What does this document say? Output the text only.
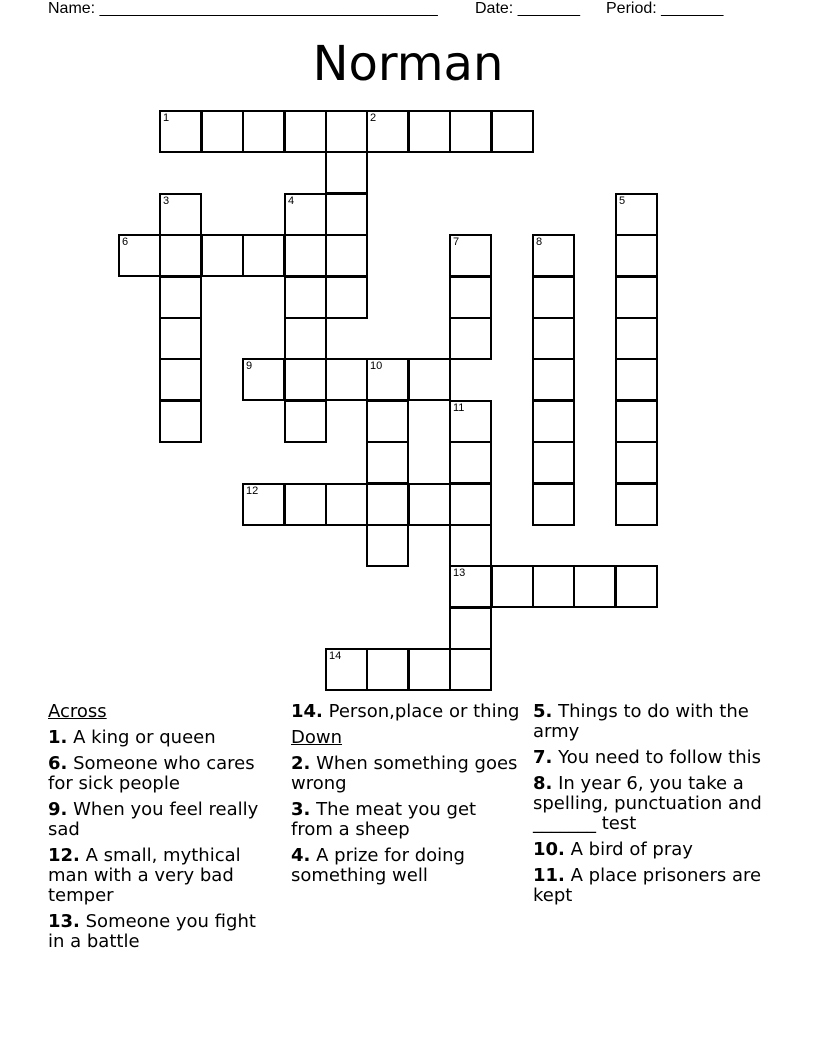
Name: ______________________________________

Date: _______

Period: _______

Norman
1	2
6
3	4	5
7	8
9	10
11
13
12
14
Across
1. A king or queen
6. Someone who cares for sick people
9. When you feel really sad
12. A small, mythical man with a very bad temper
13. Someone you fight in a battle
14. Person,place or thing
Down
2. When something goes wrong
3. The meat you get from a sheep
4. A prize for doing something well
5. Things to do with the army
7. You need to follow this
8. In year 6, you take a spelling, punctuation and _______ test
10. A bird of pray
11. A place prisoners are kept
